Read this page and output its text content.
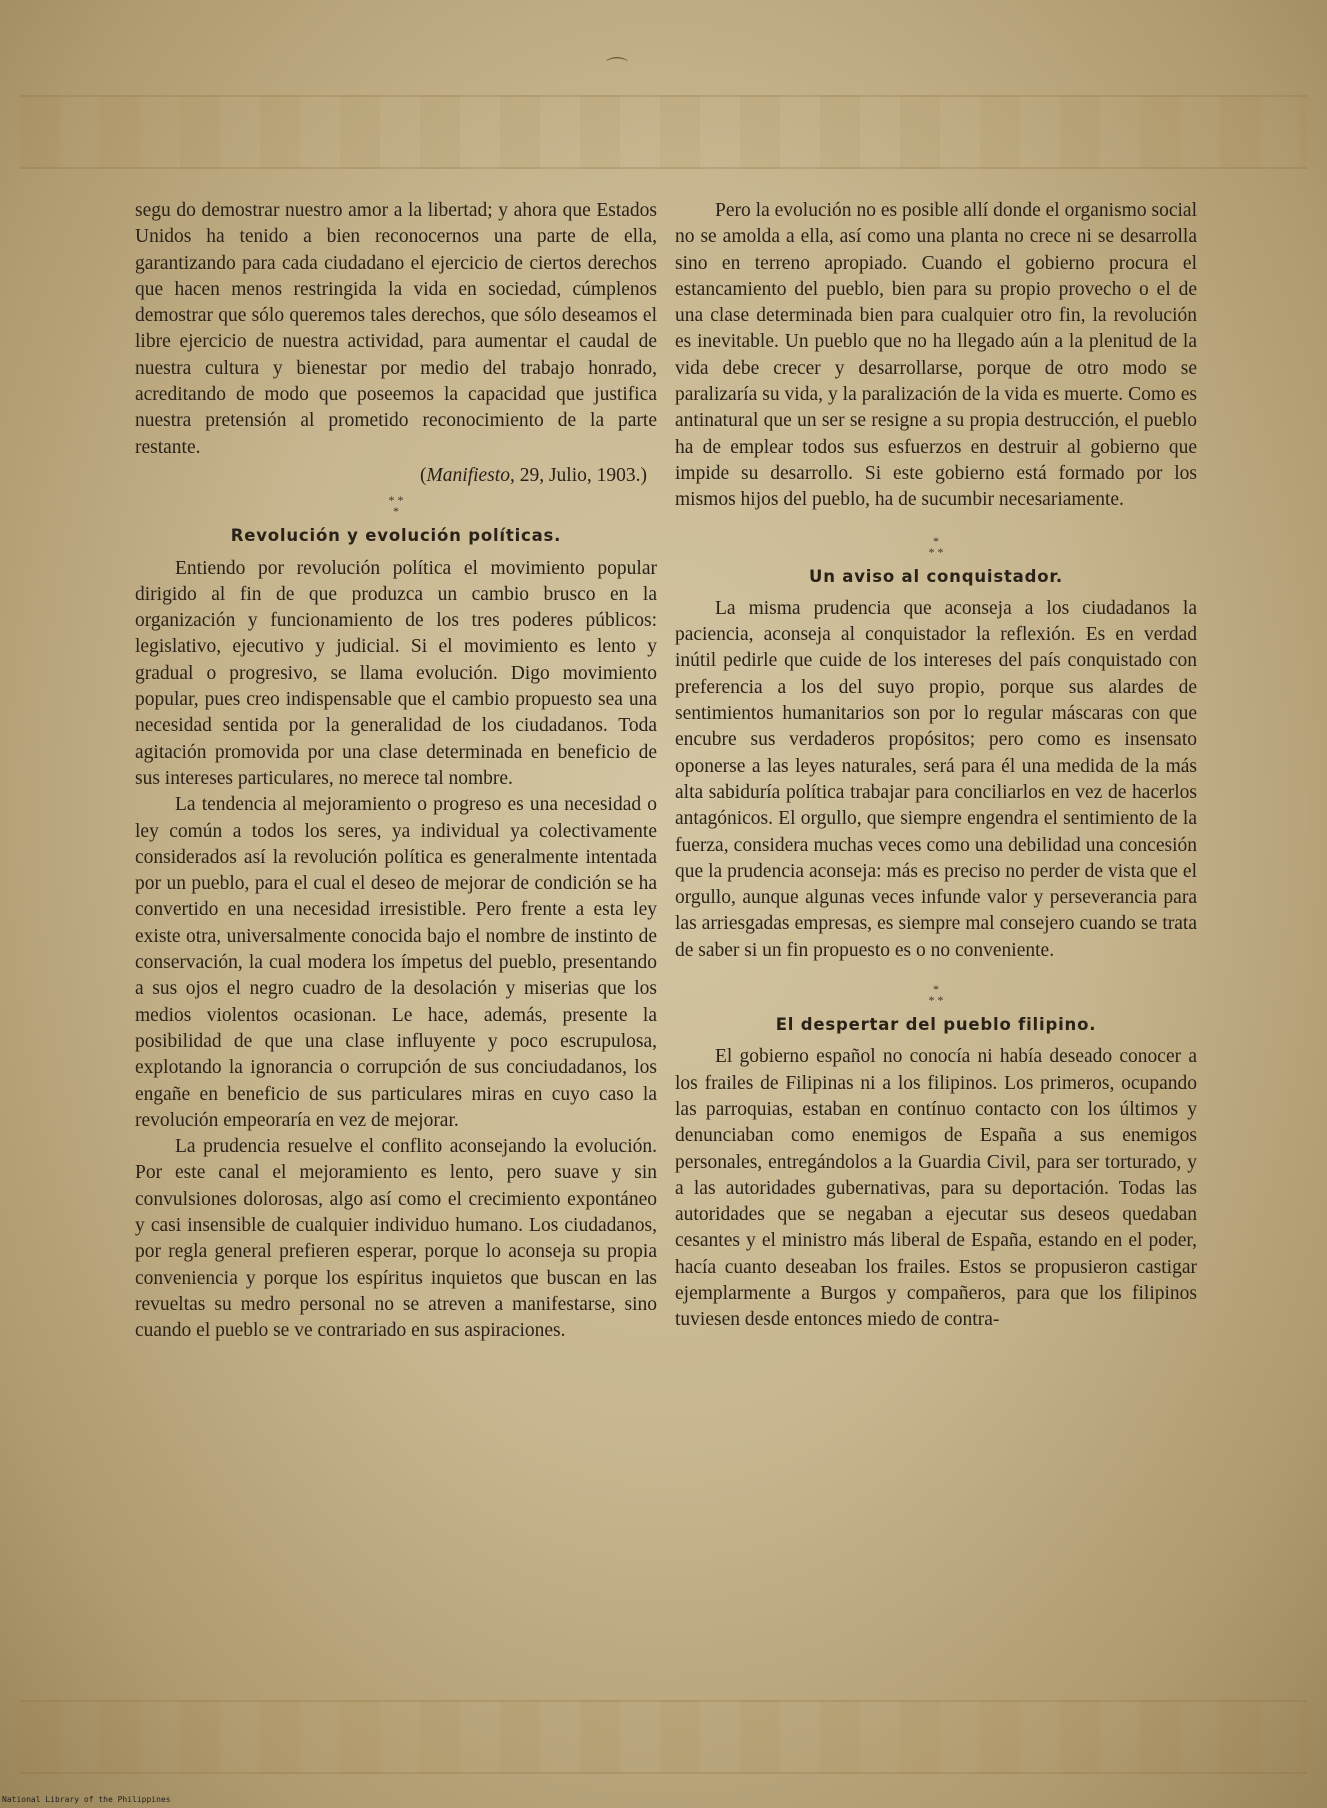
⌒

segu do demostrar nuestro amor a la libertad; y ahora que Estados Unidos ha tenido a bien reconocernos una parte de ella, garantizando para cada ciudadano el ejercicio de ciertos derechos que hacen menos restringida la vida en sociedad, cúmplenos demostrar que sólo queremos tales derechos, que sólo deseamos el libre ejercicio de nuestra actividad, para aumentar el caudal de nuestra cultura y bienestar por medio del trabajo honrado, acreditando de modo que poseemos la capacidad que justifica nuestra pretensión al prometido reconocimiento de la parte restante.

(Manifiesto, 29, Julio, 1903.)
* *
*
Revolución y evolución políticas.

Entiendo por revolución política el movimiento popular dirigido al fin de que produzca un cambio brusco en la organización y funcionamiento de los tres poderes públicos: legislativo, ejecutivo y judicial. Si el movimiento es lento y gradual o progresivo, se llama evolución. Digo movimiento popular, pues creo indispensable que el cambio propuesto sea una necesidad sentida por la generalidad de los ciudadanos. Toda agitación promovida por una clase determinada en beneficio de sus intereses particulares, no merece tal nombre.

La tendencia al mejoramiento o progreso es una necesidad o ley común a todos los seres, ya individual ya colectivamente considerados así la revolución política es generalmente intentada por un pueblo, para el cual el deseo de mejorar de condición se ha convertido en una necesidad irresistible. Pero frente a esta ley existe otra, universalmente conocida bajo el nombre de instinto de conservación, la cual modera los ímpetus del pueblo, presentando a sus ojos el negro cuadro de la desolación y miserias que los medios violentos ocasionan. Le hace, además, presente la posibilidad de que una clase influyente y poco escrupulosa, explotando la ignorancia o corrupción de sus conciudadanos, los engañe en beneficio de sus particulares miras en cuyo caso la revolución empeoraría en vez de mejorar.

La prudencia resuelve el conflito aconsejando la evolución. Por este canal el mejoramiento es lento, pero suave y sin convulsiones dolorosas, algo así como el crecimiento expontáneo y casi insensible de cualquier individuo humano. Los ciudadanos, por regla general prefieren esperar, porque lo aconseja su propia conveniencia y porque los espíritus inquietos que buscan en las revueltas su medro personal no se atreven a manifestarse, sino cuando el pueblo se ve contrariado en sus aspiraciones.

Pero la evolución no es posible allí donde el organismo social no se amolda a ella, así como una planta no crece ni se desarrolla sino en terreno apropiado. Cuando el gobierno procura el estancamiento del pueblo, bien para su propio provecho o el de una clase determinada bien para cualquier otro fin, la revolución es inevitable. Un pueblo que no ha llegado aún a la plenitud de la vida debe crecer y desarrollarse, porque de otro modo se paralizaría su vida, y la paralización de la vida es muerte. Como es antinatural que un ser se resigne a su propia destrucción, el pueblo ha de emplear todos sus esfuerzos en destruir al gobierno que impide su desarrollo. Si este gobierno está formado por los mismos hijos del pueblo, ha de sucumbir necesariamente.

*
* *
Un aviso al conquistador.

La misma prudencia que aconseja a los ciudadanos la paciencia, aconseja al conquistador la reflexión. Es en verdad inútil pedirle que cuide de los intereses del país conquistado con preferencia a los del suyo propio, porque sus alardes de sentimientos humanitarios son por lo regular máscaras con que encubre sus verdaderos propósitos; pero como es insensato oponerse a las leyes naturales, será para él una medida de la más alta sabiduría política trabajar para conciliarlos en vez de hacerlos antagónicos. El orgullo, que siempre engendra el sentimiento de la fuerza, considera muchas veces como una debilidad una concesión que la prudencia aconseja: más es preciso no perder de vista que el orgullo, aunque algunas veces infunde valor y perseverancia para las arriesgadas empresas, es siempre mal consejero cuando se trata de saber si un fin propuesto es o no conveniente.

*
* *
El despertar del pueblo filipino.

El gobierno español no conocía ni había deseado conocer a los frailes de Filipinas ni a los filipinos. Los primeros, ocupando las parroquias, estaban en contínuo contacto con los últimos y denunciaban como enemigos de España a sus enemigos personales, entregándolos a la Guardia Civil, para ser torturado, y a las autoridades gubernativas, para su deportación. Todas las autoridades que se negaban a ejecutar sus deseos quedaban cesantes y el ministro más liberal de España, estando en el poder, hacía cuanto deseaban los frailes. Estos se propusieron castigar ejemplarmente a Burgos y compañeros, para que los filipinos tuviesen desde entonces miedo de contra-

National Library of the Philippines
